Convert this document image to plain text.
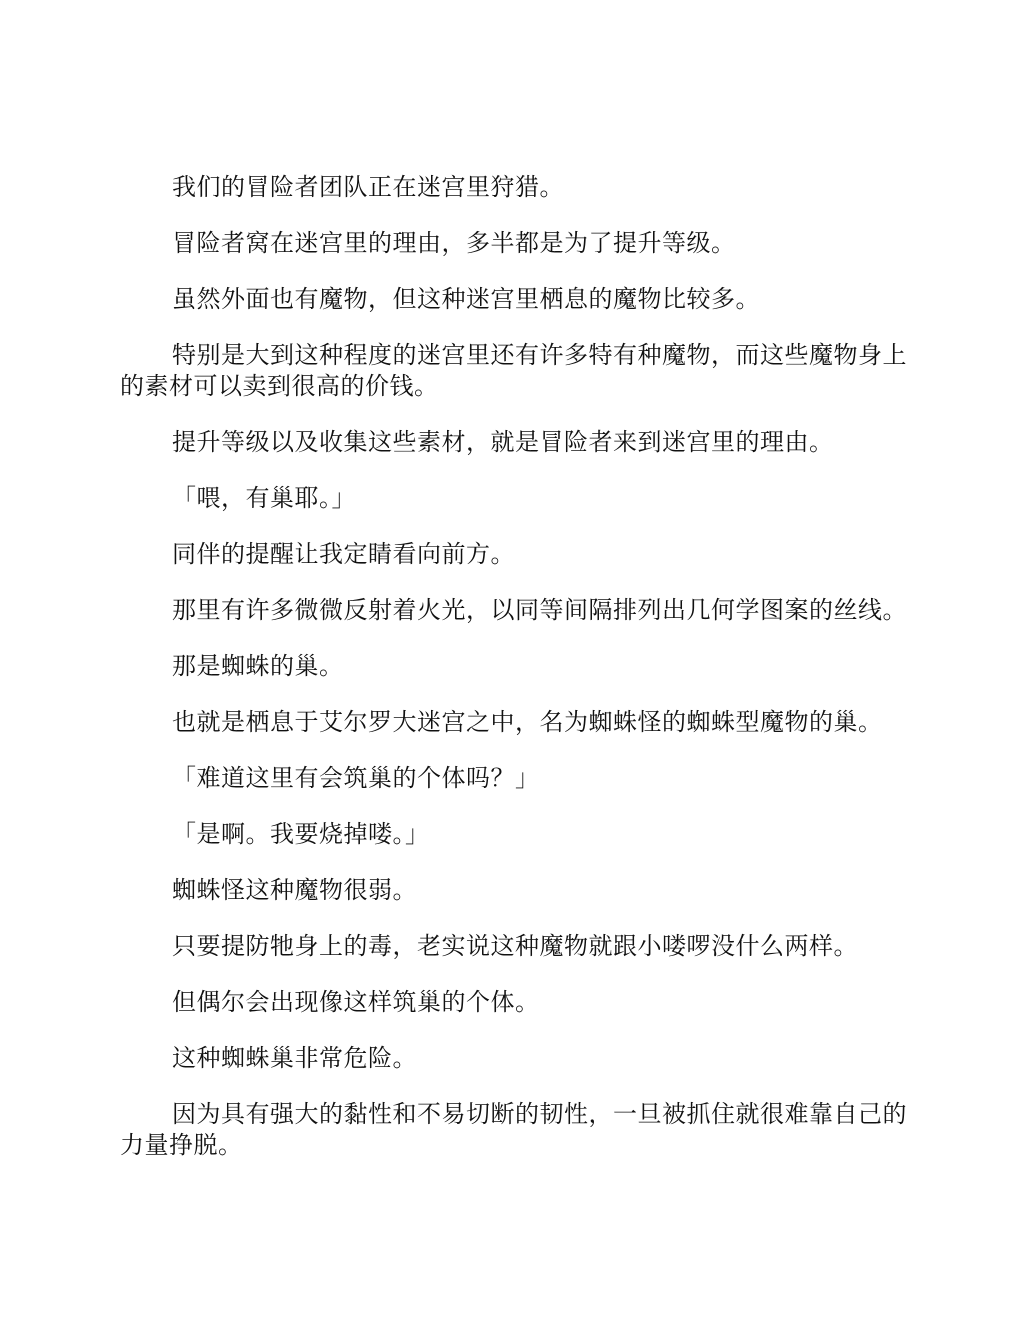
我们的冒险者团队正在迷宫里狩猎。

冒险者窝在迷宫里的理由，多半都是为了提升等级。

虽然外面也有魔物，但这种迷宫里栖息的魔物比较多。

特别是大到这种程度的迷宫里还有许多特有种魔物，而这些魔物身上的素材可以卖到很高的价钱。

提升等级以及收集这些素材，就是冒险者来到迷宫里的理由。

「喂，有巢耶。」

同伴的提醒让我定睛看向前方。

那里有许多微微反射着火光，以同等间隔排列出几何学图案的丝线。

那是蜘蛛的巢。

也就是栖息于艾尔罗大迷宫之中，名为蜘蛛怪的蜘蛛型魔物的巢。

「难道这里有会筑巢的个体吗？」

「是啊。我要烧掉喽。」

蜘蛛怪这种魔物很弱。

只要提防牠身上的毒，老实说这种魔物就跟小喽啰没什么两样。

但偶尔会出现像这样筑巢的个体。

这种蜘蛛巢非常危险。

因为具有强大的黏性和不易切断的韧性，一旦被抓住就很难靠自己的力量挣脱。
